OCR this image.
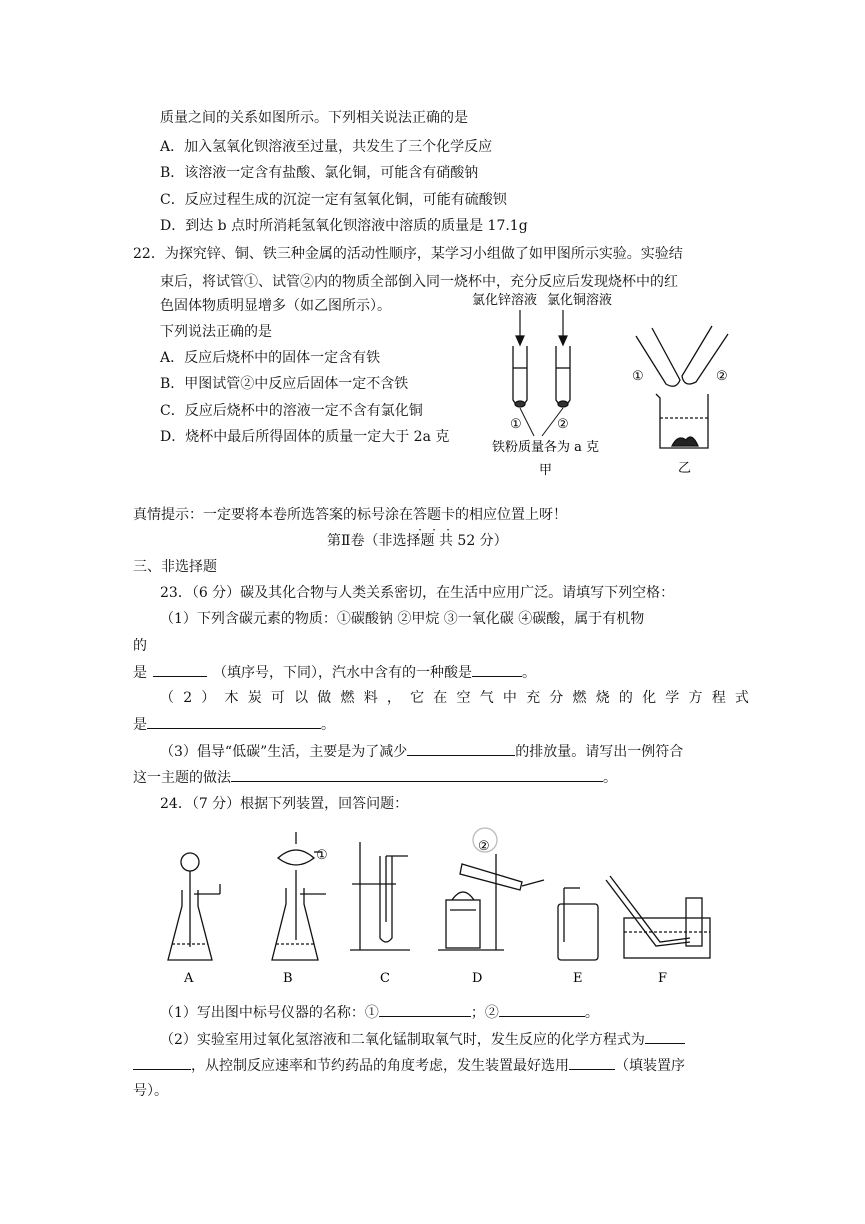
质量之间的关系如图所示。下列相关说法正确的是
A．加入氢氧化钡溶液至过量，共发生了三个化学反应
B．该溶液一定含有盐酸、氯化铜，可能含有硝酸钠
C．反应过程生成的沉淀一定有氢氧化铜，可能有硫酸钡
D．到达 b 点时所消耗氢氧化钡溶液中溶质的质量是 17.1g
22．为探究锌、铜、铁三种金属的活动性顺序，某学习小组做了如甲图所示实验。实验结
束后，将试管①、试管②内的物质全部倒入同一烧杯中，充分反应后发现烧杯中的红
色固体物质明显增多（如乙图所示）。
下列说法正确的是
A．反应后烧杯中的固体一定含有铁
B．甲图试管②中反应后固体一定不含铁
C．反应后烧杯中的溶液一定不含有氯化铜
D．烧杯中最后所得固体的质量一定大于 2a 克
氯化锌溶液 氯化铜溶液
①	②
铁粉质量各为 a 克
甲
①	②
乙
真情提示：一定要将本卷所选答案的标号涂在答题卡的相应位置上呀！
第Ⅱ卷（非选择题 共 52 分）
三、非选择题
23．（6 分）碳及其化合物与人类关系密切，在生活中应用广泛。请填写下列空格：
（1）下列含碳元素的物质：①碳酸钠 ②甲烷 ③一氧化碳 ④碳酸，属于有机物
的
是	（填序号，下同），汽水中含有的一种酸是	。
（2）木炭可以做燃料，它在空气中充分燃烧的化学方程式
是	。
（3）倡导“低碳”生活，主要是为了减少	的排放量。请写出一例符合
这一主题的做法	。
24．（7 分）根据下列装置，回答问题：
①
②
A	B	C	D	E	F
（1）写出图中标号仪器的名称：①	；②	。
（2）实验室用过氧化氢溶液和二氧化锰制取氧气时，发生反应的化学方程式为
，从控制反应速率和节约药品的角度考虑，发生装置最好选用	（填装置序
号）。
